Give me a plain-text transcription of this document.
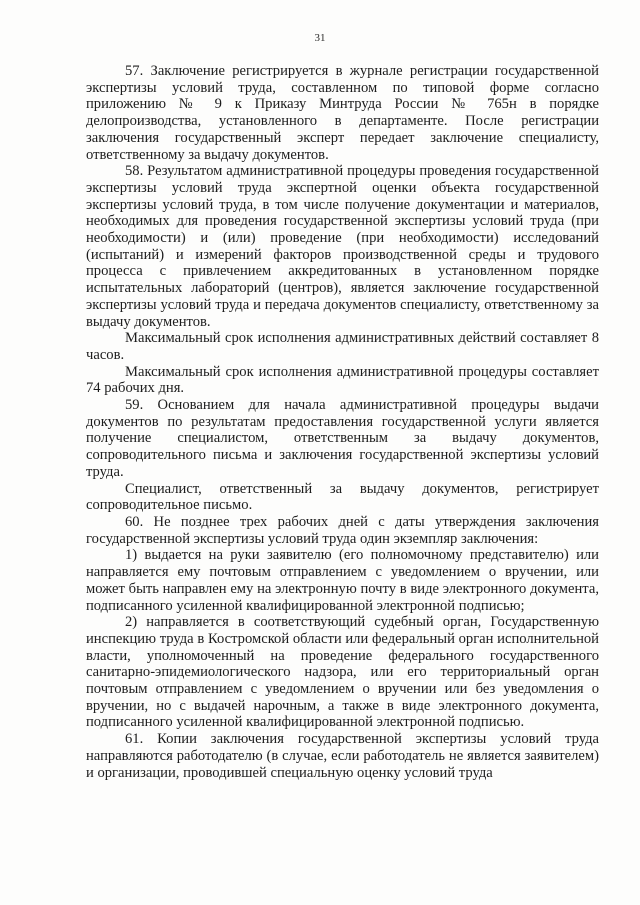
31

57. Заключение регистрируется в журнале регистрации государственной экспертизы условий труда, составленном по типовой форме согласно приложению № 9 к Приказу Минтруда России № 765н в порядке делопроизводства, установленного в департаменте. После регистрации заключения государственный эксперт передает заключение специалисту, ответственному за выдачу документов.

58. Результатом административной процедуры проведения государственной экспертизы условий труда экспертной оценки объекта государственной экспертизы условий труда, в том числе получение документации и материалов, необходимых для проведения государственной экспертизы условий труда (при необходимости) и (или) проведение (при необходимости) исследований (испытаний) и измерений факторов производственной среды и трудового процесса с привлечением аккредитованных в установленном порядке испытательных лабораторий (центров), является заключение государственной экспертизы условий труда и передача документов специалисту, ответственному за выдачу документов.

Максимальный срок исполнения административных действий составляет 8 часов.

Максимальный срок исполнения административной процедуры составляет 74 рабочих дня.

59. Основанием для начала административной процедуры выдачи документов по результатам предоставления государственной услуги является получение специалистом, ответственным за выдачу документов, сопроводительного письма и заключения государственной экспертизы условий труда.

Специалист, ответственный за выдачу документов, регистрирует сопроводительное письмо.

60. Не позднее трех рабочих дней с даты утверждения заключения государственной экспертизы условий труда один экземпляр заключения:

1) выдается на руки заявителю (его полномочному представителю) или направляется ему почтовым отправлением с уведомлением о вручении, или может быть направлен ему на электронную почту в виде электронного документа, подписанного усиленной квалифицированной электронной подписью;

2) направляется в соответствующий судебный орган, Государственную инспекцию труда в Костромской области или федеральный орган исполнительной власти, уполномоченный на проведение федерального государственного санитарно-эпидемиологического надзора, или его территориальный орган почтовым отправлением с уведомлением о вручении или без уведомления о вручении, но с выдачей нарочным, а также в виде электронного документа, подписанного усиленной квалифицированной электронной подписью.

61. Копии заключения государственной экспертизы условий труда направляются работодателю (в случае, если работодатель не является заявителем) и организации, проводившей специальную оценку условий труда
